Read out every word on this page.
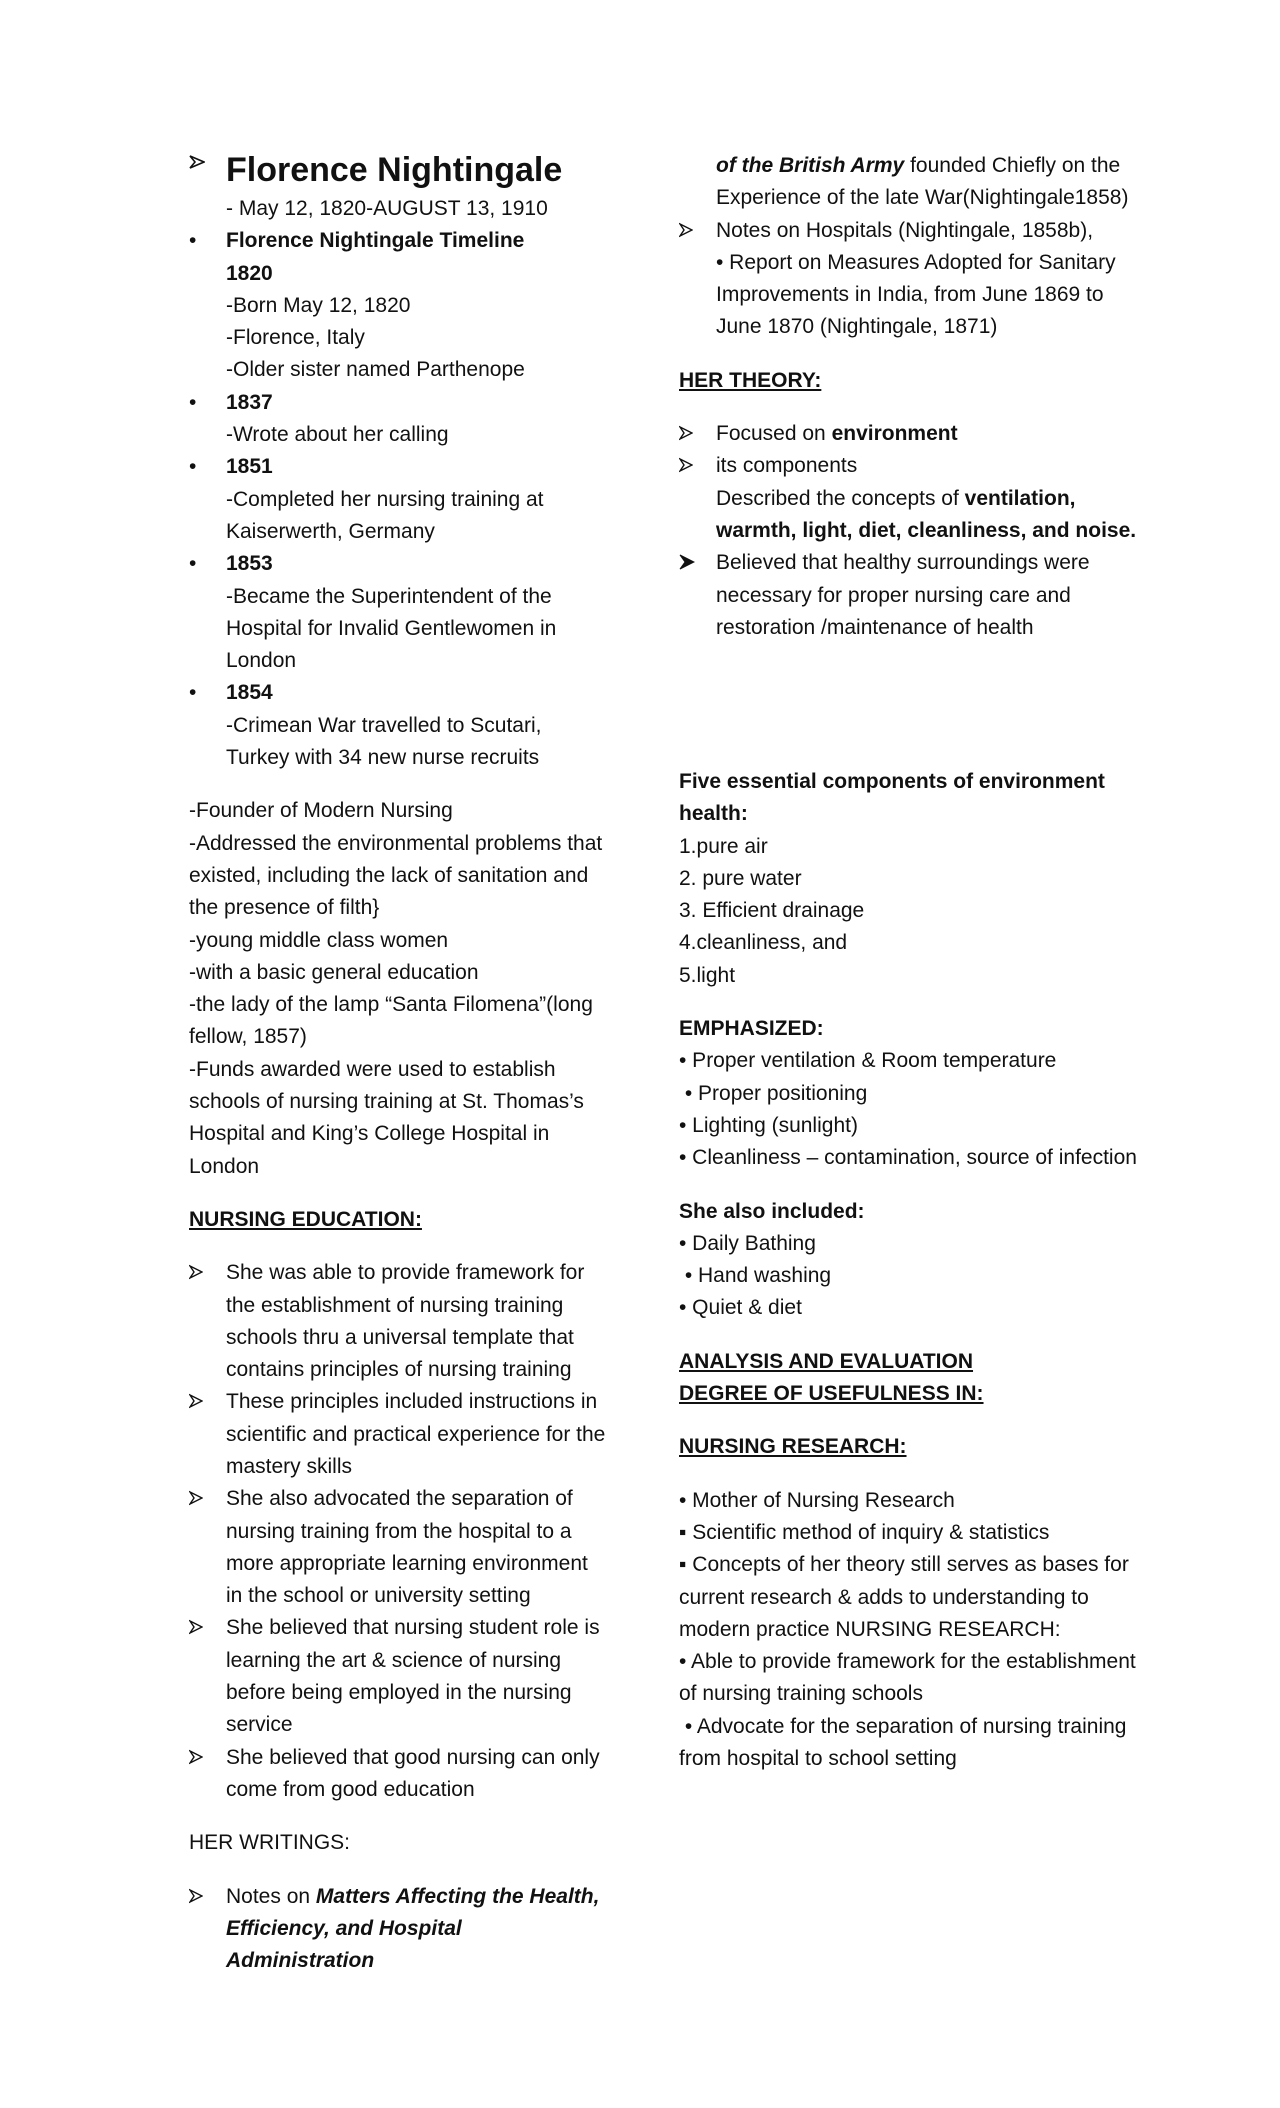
Florence Nightingale
- May 12, 1820-AUGUST 13, 1910
•	Florence Nightingale Timeline
1820
-Born May 12, 1820
-Florence, Italy
-Older sister named Parthenope
•	1837
-Wrote about her calling
•	1851
-Completed her nursing training at Kaiserwerth, Germany
•	1853
-Became the Superintendent of the Hospital for Invalid Gentlewomen in London
•	1854
-Crimean War travelled to Scutari, Turkey with 34 new nurse recruits
-Founder of Modern Nursing
-Addressed the environmental problems that existed, including the lack of sanitation and the presence of filth}
-young middle class women
-with a basic general education
-the lady of the lamp “Santa Filomena”(long fellow, 1857)
-Funds awarded were used to establish schools of nursing training at St. Thomas’s Hospital and King’s College Hospital in London
NURSING EDUCATION:
She was able to provide framework for the establishment of nursing training schools thru a universal template that contains principles of nursing training
These principles included instructions in scientific and practical experience for the mastery skills
She also advocated the separation of nursing training from the hospital to a more appropriate learning environment in the school or university setting
She believed that nursing student role is learning the art & science of nursing before being employed in the nursing service
She believed that good nursing can only come from good education
HER WRITINGS:
Notes on Matters Affecting the Health, Efficiency, and Hospital Administration
of the British Army founded Chiefly on the Experience of the late War(Nightingale1858)
Notes on Hospitals (Nightingale, 1858b),
• Report on Measures Adopted for Sanitary Improvements in India, from June 1869 to June 1870 (Nightingale, 1871)
HER THEORY:
Focused on environment
its components
Described the concepts of ventilation, warmth, light, diet, cleanliness, and noise.
Believed that healthy surroundings were necessary for proper nursing care and restoration /maintenance of health
Five essential components of environment health:
1.pure air
2. pure water
3. Efficient drainage
4.cleanliness, and
5.light
EMPHASIZED:
• Proper ventilation & Room temperature
• Proper positioning
• Lighting (sunlight)
• Cleanliness – contamination, source of infection
She also included:
• Daily Bathing
• Hand washing
• Quiet & diet
ANALYSIS AND EVALUATION
DEGREE OF USEFULNESS IN:
NURSING RESEARCH:
• Mother of Nursing Research
▪ Scientific method of inquiry & statistics
▪ Concepts of her theory still serves as bases for current research & adds to understanding to modern practice NURSING RESEARCH:
• Able to provide framework for the establishment of nursing training schools
• Advocate for the separation of nursing training from hospital to school setting
